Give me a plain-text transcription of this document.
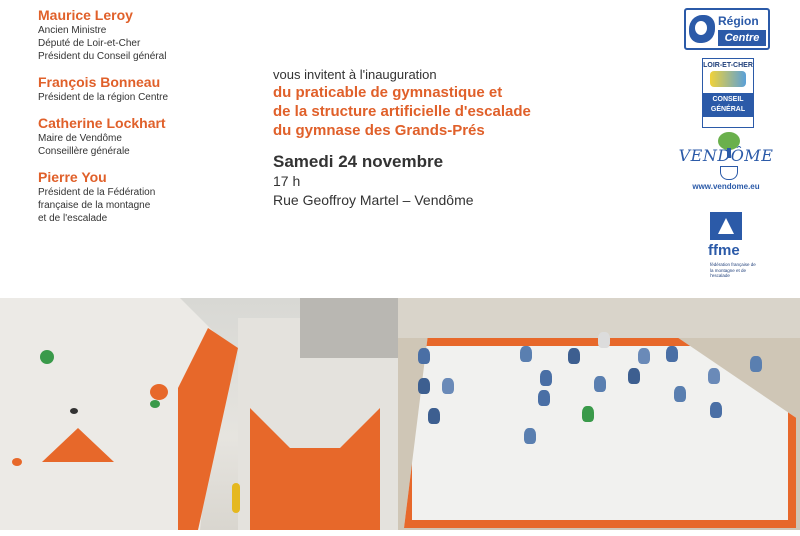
Maurice Leroy
Ancien Ministre
Député de Loir-et-Cher
Président du Conseil général
François Bonneau
Président de la région Centre
Catherine Lockhart
Maire de Vendôme
Conseillère générale
Pierre You
Président de la Fédération
française de la montagne
et de l'escalade
vous invitent à l'inauguration
du praticable de gymnastique et
de la structure artificielle d'escalade
du gymnase des Grands-Prés
Samedi 24 novembre
17 h
Rue Geoffroy Martel – Vendôme
Région
Centre
LOIR-ET-CHER
CONSEIL
GÉNÉRAL
VENDÔME
www.vendome.eu
ffme
fédération française de la montagne et de l'escalade
